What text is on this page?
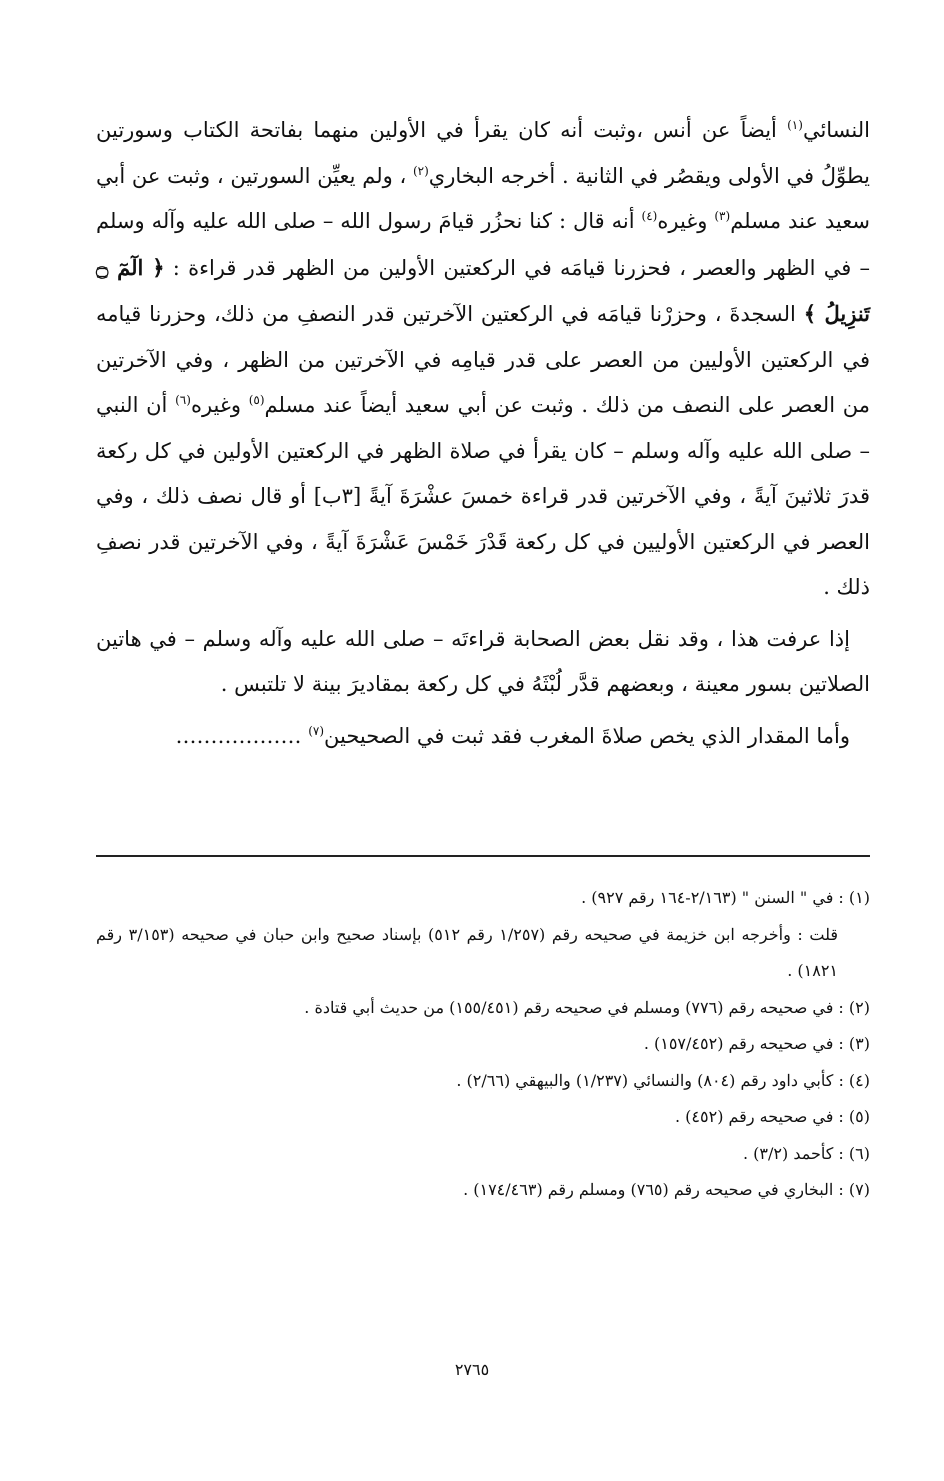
النسائي$^{(١)}$ أيضاً عن أنس ،وثبت أنه كان يقرأ في الأولين منهما بفاتحة الكتاب وسورتين يطوِّلُ في الأولى ويقصُر في الثانية . أخرجه البخاري$^{(٢)}$ ، ولم يعيِّن السورتين ، وثبت عن أبي سعيد عند مسلم$^{(٣)}$ وغيره$^{(٤)}$ أنه قال : كنا نحزُر قيامَ رسول الله – صلى الله عليه وآله وسلم – في الظهر والعصر ، فحزرنا قيامَه في الركعتين الأولين من الظهر قدر قراءة : ﴿ الٓمٓ ۝ تَنزِيلُ ﴾ السجدةَ ، وحزرْنا قيامَه في الركعتين الآخرتين قدر النصفِ من ذلك، وحزرنا قيامه في الركعتين الأوليين من العصر على قدر قيامِه في الآخرتين من الظهر ، وفي الآخرتين من العصر على النصف من ذلك . وثبت عن أبي سعيد أيضاً عند مسلم$^{(٥)}$ وغيره$^{(٦)}$ أن النبي – صلى الله عليه وآله وسلم – كان يقرأ في صلاة الظهر في الركعتين الأولين في كل ركعة قدرَ ثلاثينَ آيةً ، وفي الآخرتين قدر قراءة خمسَ عشْرَةَ آيةً [٣ب] أو قال نصف ذلك ، وفي العصر في الركعتين الأوليين في كل ركعة قَدْرَ خَمْسَ عَشْرَةَ آيةً ، وفي الآخرتين قدر نصفِ ذلك .

إذا عرفت هذا ، وقد نقل بعض الصحابة قراءتَه – صلى الله عليه وآله وسلم – في هاتين الصلاتين بسور معينة ، وبعضهم قدَّر لُبْثَهُ في كل ركعة بمقاديرَ بينة لا تلتبس .

وأما المقدار الذي يخص صلاةَ المغرب فقد ثبت في الصحيحين$^{(٧)}$ ………………

(١) : في " السنن " (٢/١٦٣-١٦٤ رقم ٩٢٧) .

قلت : وأخرجه ابن خزيمة في صحيحه رقم (١/٢٥٧ رقم ٥١٢) بإسناد صحيح وابن حبان في صحيحه (٣/١٥٣ رقم ١٨٢١) .

(٢) : في صحيحه رقم (٧٧٦) ومسلم في صحيحه رقم (١٥٥/٤٥١) من حديث أبي قتادة .

(٣) : في صحيحه رقم (١٥٧/٤٥٢) .

(٤) : كأبي داود رقم (٨٠٤) والنسائي (١/٢٣٧) والبيهقي (٢/٦٦) .

(٥) : في صحيحه رقم (٤٥٢) .

(٦) : كأحمد (٣/٢) .

(٧) : البخاري في صحيحه رقم (٧٦٥) ومسلم رقم (١٧٤/٤٦٣) .

٢٧٦٥
